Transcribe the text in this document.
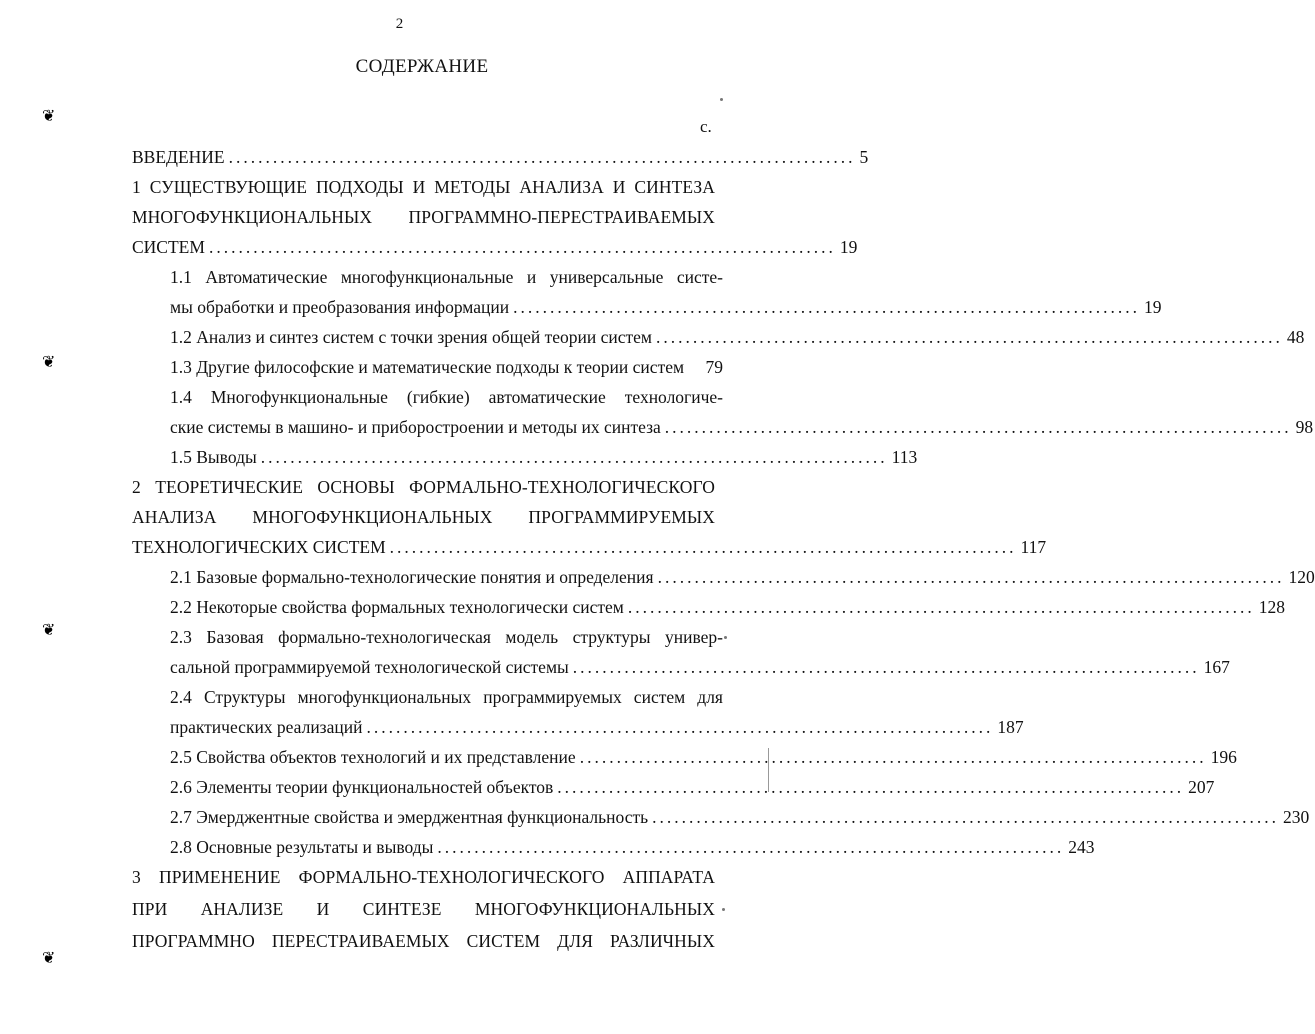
2
СОДЕРЖАНИЕ
с.
❦
❦
❦
❦
ВВЕДЕНИЕ ..................................................................................... 5
1 СУЩЕСТВУЮЩИЕ ПОДХОДЫ И МЕТОДЫ АНАЛИЗА И СИНТЕЗА
МНОГОФУНКЦИОНАЛЬНЫХ ПРОГРАММНО-ПЕРЕСТРАИВАЕМЫХ
СИСТЕМ ..................................................................................... 19
1.1 Автоматические многофункциональные и универсальные систе-
мы обработки и преобразования информации ..................................................................................... 19
1.2 Анализ и синтез систем с точки зрения общей теории систем ..................................................................................... 48
1.3 Другие философские и математические подходы к теории систем 79
1.4 Многофункциональные (гибкие) автоматические технологиче-
ские системы в машино- и приборостроении и методы их синтеза ..................................................................................... 98
1.5 Выводы ..................................................................................... 113
2 ТЕОРЕТИЧЕСКИЕ ОСНОВЫ ФОРМАЛЬНО-ТЕХНОЛОГИЧЕСКОГО
АНАЛИЗА МНОГОФУНКЦИОНАЛЬНЫХ ПРОГРАММИРУЕМЫХ
ТЕХНОЛОГИЧЕСКИХ СИСТЕМ ..................................................................................... 117
2.1 Базовые формально-технологические понятия и определения ..................................................................................... 120
2.2 Некоторые свойства формальных технологически систем ..................................................................................... 128
2.3 Базовая формально-технологическая модель структуры универ-
сальной программируемой технологической системы ..................................................................................... 167
2.4 Структуры многофункциональных программируемых систем для
практических реализаций ..................................................................................... 187
2.5 Свойства объектов технологий и их представление ..................................................................................... 196
2.6 Элементы теории функциональностей объектов ..................................................................................... 207
2.7 Эмерджентные свойства и эмерджентная функциональность ..................................................................................... 230
2.8 Основные результаты и выводы ..................................................................................... 243
3 ПРИМЕНЕНИЕ ФОРМАЛЬНО-ТЕХНОЛОГИЧЕСКОГО АППАРАТА
ПРИ АНАЛИЗЕ И СИНТЕЗЕ МНОГОФУНКЦИОНАЛЬНЫХ
ПРОГРАММНО ПЕРЕСТРАИВАЕМЫХ СИСТЕМ ДЛЯ РАЗЛИЧНЫХ
